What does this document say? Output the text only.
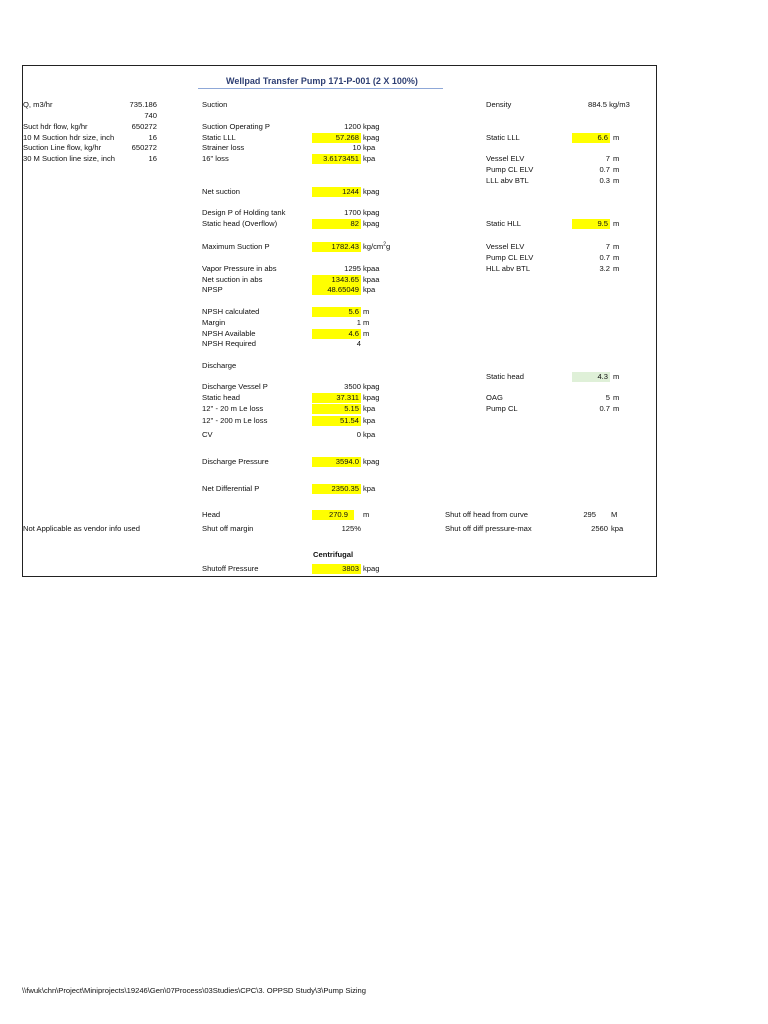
Wellpad Transfer Pump 171-P-001 (2 X 100%)
Q, m3/hr	735.186
740
Suct hdr flow, kg/hr	650272
10 M Suction hdr size, inch	16
Suction Line flow, kg/hr	650272
30 M Suction line size, inch	16
Not Applicable as vendor info used
Suction
Suction Operating P	1200 kpag
Static LLL	57.268 kpag
Strainer loss	10 kpa
16" loss	3.6173451 kpa
Net suction	1244 kpag
Design P of Holding tank	1700 kpag
Static head (Overflow)	82 kpag
Maximum Suction P	1782.43 $kg/cm^2g$
Vapor Pressure in abs	1295 kpaa
Net suction in abs	1343.65 kpaa
NPSP	48.65049 kpa
NPSH calculated	5.6 m
Margin	1 m
NPSH Available	4.6 m
NPSH Required	4
Discharge
Discharge Vessel P	3500 kpag
Static head	37.311 kpag
12'' - 20 m Le loss	5.15 kpa
12'' - 200 m Le loss	51.54 kpa
CV	0 kpa
Discharge Pressure	3594.0 kpag
Net Differential P	2350.35 kpa
Head	270.9	m
Shut off margin	125%
Centrifugal
Shutoff Pressure	3803 kpag
Density	884.5 kg/m3
Static LLL	6.6 m
Vessel ELV	7 m
Pump CL ELV	0.7 m
LLL abv BTL	0.3 m
Static HLL	9.5 m
Vessel ELV	7 m
Pump CL ELV	0.7 m
HLL abv BTL	3.2 m
Static head	4.3 m
OAG	5 m
Pump CL	0.7 m
Shut off head from curve	295 M
Shut off diff pressure-max	2560 kpa
\\fwuk\chn\Project\Miniprojects\19246\Gen\07Process\03Studies\CPC\3. OPPSD Study\3\Pump Sizing
